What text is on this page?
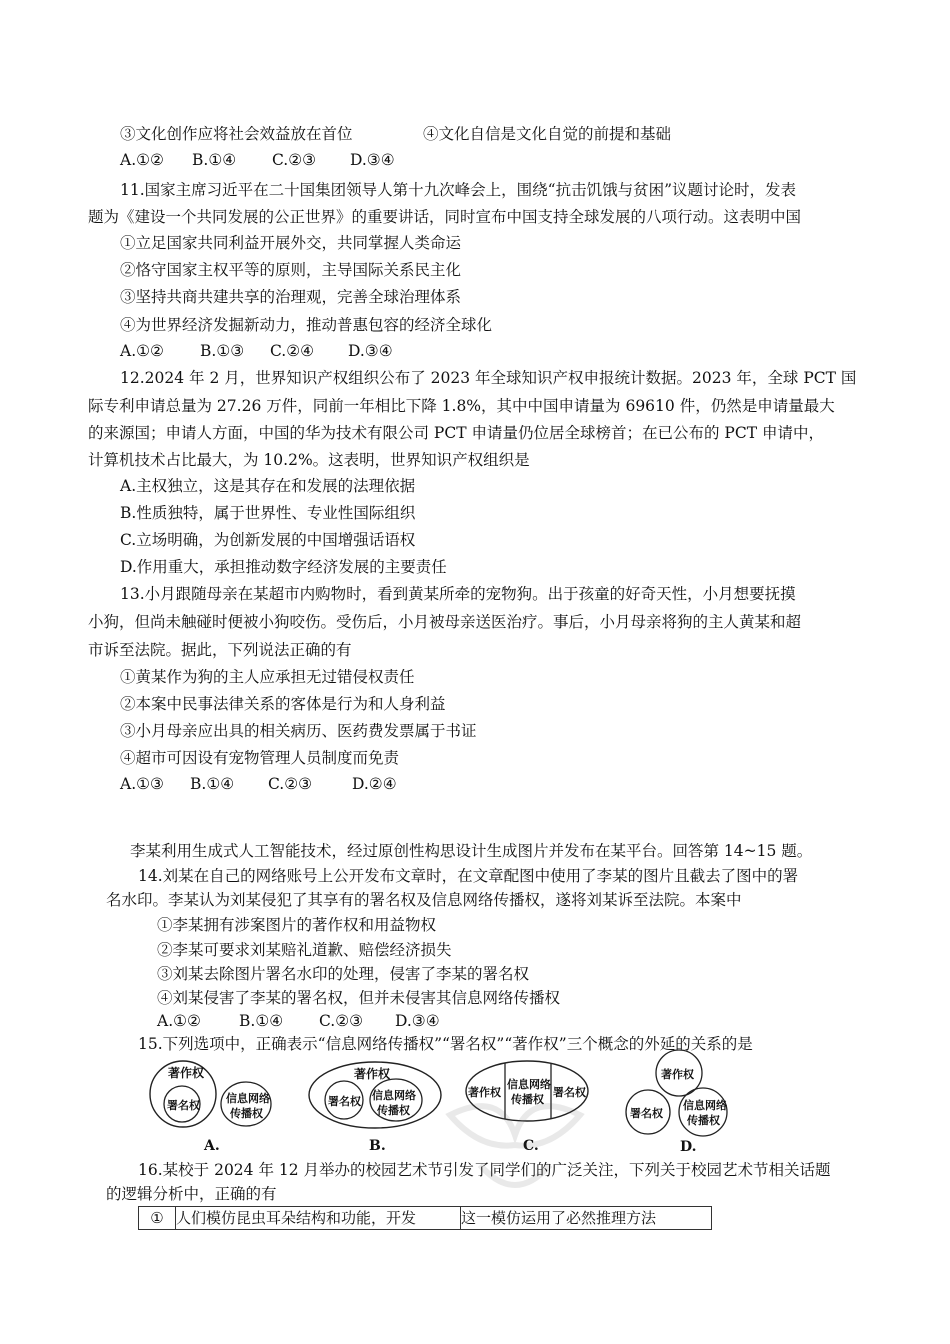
③文化创作应将社会效益放在首位	④文化自信是文化自觉的前提和基础
A.①② B.①④ C.②③ D.③④
11.国家主席习近平在二十国集团领导人第十九次峰会上，围绕“抗击饥饿与贫困”议题讨论时，发表
题为《建设一个共同发展的公正世界》的重要讲话，同时宣布中国支持全球发展的八项行动。这表明中国
①立足国家共同利益开展外交，共同掌握人类命运
②恪守国家主权平等的原则，主导国际关系民主化
③坚持共商共建共享的治理观，完善全球治理体系
④为世界经济发掘新动力，推动普惠包容的经济全球化
A.①② B.①③ C.②④ D.③④
12.2024 年 2 月，世界知识产权组织公布了 2023 年全球知识产权申报统计数据。2023 年，全球 PCT 国
际专利申请总量为 27.26 万件，同前一年相比下降 1.8%，其中中国申请量为 69610 件，仍然是申请量最大
的来源国；申请人方面，中国的华为技术有限公司 PCT 申请量仍位居全球榜首；在已公布的 PCT 申请中，
计算机技术占比最大，为 10.2%。这表明，世界知识产权组织是
A.主权独立，这是其存在和发展的法理依据
B.性质独特，属于世界性、专业性国际组织
C.立场明确，为创新发展的中国增强话语权
D.作用重大，承担推动数字经济发展的主要责任
13.小月跟随母亲在某超市内购物时，看到黄某所牵的宠物狗。出于孩童的好奇天性，小月想要抚摸
小狗，但尚未触碰时便被小狗咬伤。受伤后，小月被母亲送医治疗。事后，小月母亲将狗的主人黄某和超
市诉至法院。据此，下列说法正确的有
①黄某作为狗的主人应承担无过错侵权责任
②本案中民事法律关系的客体是行为和人身利益
③小月母亲应出具的相关病历、医药费发票属于书证
④超市可因设有宠物管理人员制度而免责
A.①③ B.①④ C.②③	D.②④
李某利用生成式人工智能技术，经过原创性构思设计生成图片并发布在某平台。回答第 14~15 题。
14.刘某在自己的网络账号上公开发布文章时，在文章配图中使用了李某的图片且截去了图中的署
名水印。李某认为刘某侵犯了其享有的署名权及信息网络传播权，遂将刘某诉至法院。本案中
①李某拥有涉案图片的著作权和用益物权
②李某可要求刘某赔礼道歉、赔偿经济损失
③刘某去除图片署名水印的处理，侵害了李某的署名权
④刘某侵害了李某的署名权，但并未侵害其信息网络传播权
A.①② B.①④ C.②③ D.③④
15.下列选项中，正确表示“信息网络传播权”“署名权”“著作权”三个概念的外延的关系的是
著作权
署名权
信息网络
传播权
A.
著作权
署名权 信息网络
传播权
B.
著作权
信息网络
传播权
署名权
C.
著作权
署名权
信息网络
传播权
D.
16.某校于 2024 年 12 月举办的校园艺术节引发了同学们的广泛关注，下列关于校园艺术节相关话题
的逻辑分析中，正确的有
① 人们模仿昆虫耳朵结构和功能，开发	这一模仿运用了必然推理方法
